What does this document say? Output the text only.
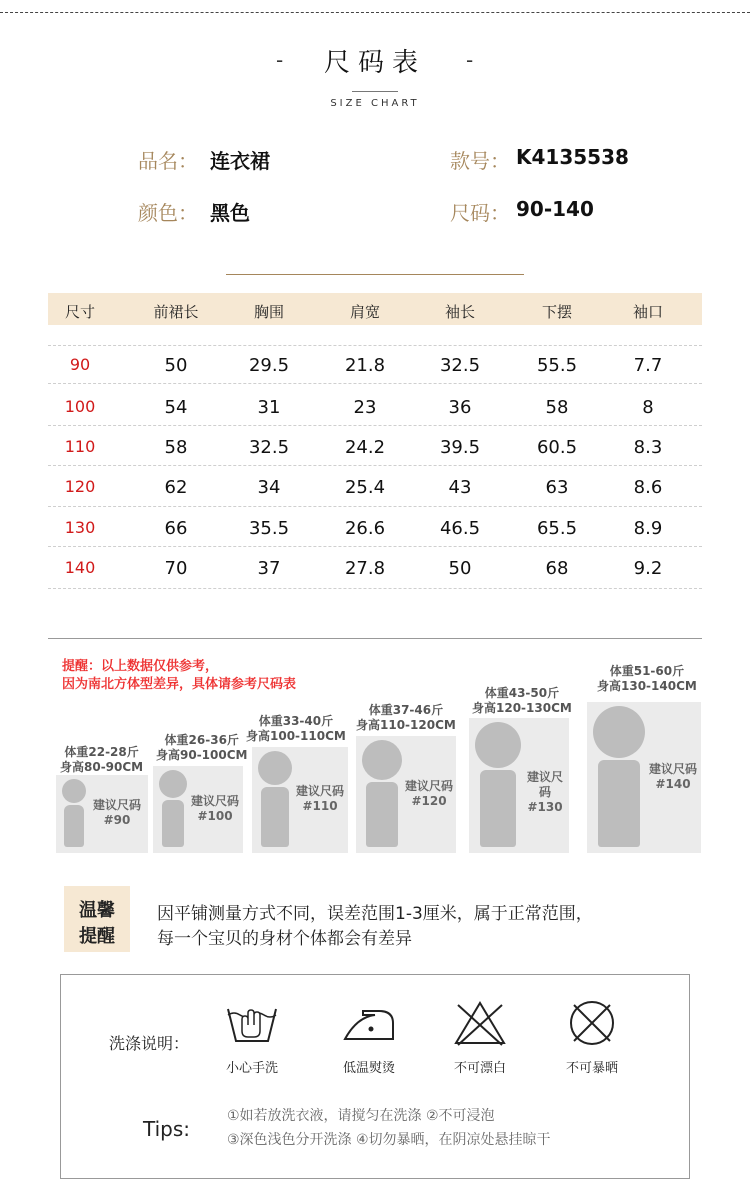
-	尺码表	-
SIZE CHART
品名： 连衣裙	款号： K4135538
颜色： 黑色	尺码： 90-140
尺寸	前裙长	胸围	肩宽	袖长	下摆	袖口
90	50	29.5	21.8	32.5	55.5	7.7
100	54	31	23	36	58	8
110	58	32.5	24.2	39.5	60.5	8.3
120	62	34	25.4	43	63	8.6
130	66	35.5	26.6	46.5	65.5	8.9
140	70	37	27.8	50	68	9.2
提醒：以上数据仅供参考，
因为南北方体型差异，具体请参考尺码表
体重22-28斤
身高80-90CM
建议尺码
#90
体重26-36斤
身高90-100CM
建议尺码
#100
体重33-40斤
身高100-110CM
建议尺码
#110
体重37-46斤
身高110-120CM
建议尺码
#120
体重43-50斤
身高120-130CM
建议尺码
#130
体重51-60斤
身高130-140CM
建议尺码
#140
温馨
提醒
因平铺测量方式不同，误差范围1-3厘米，属于正常范围，
每一个宝贝的身材个体都会有差异
洗涤说明：
小心手洗	低温熨烫	不可漂白	不可暴晒
Tips:
①如若放洗衣液，请搅匀在洗涤 ②不可浸泡
③深色浅色分开洗涤 ④切勿暴晒，在阴凉处悬挂晾干
